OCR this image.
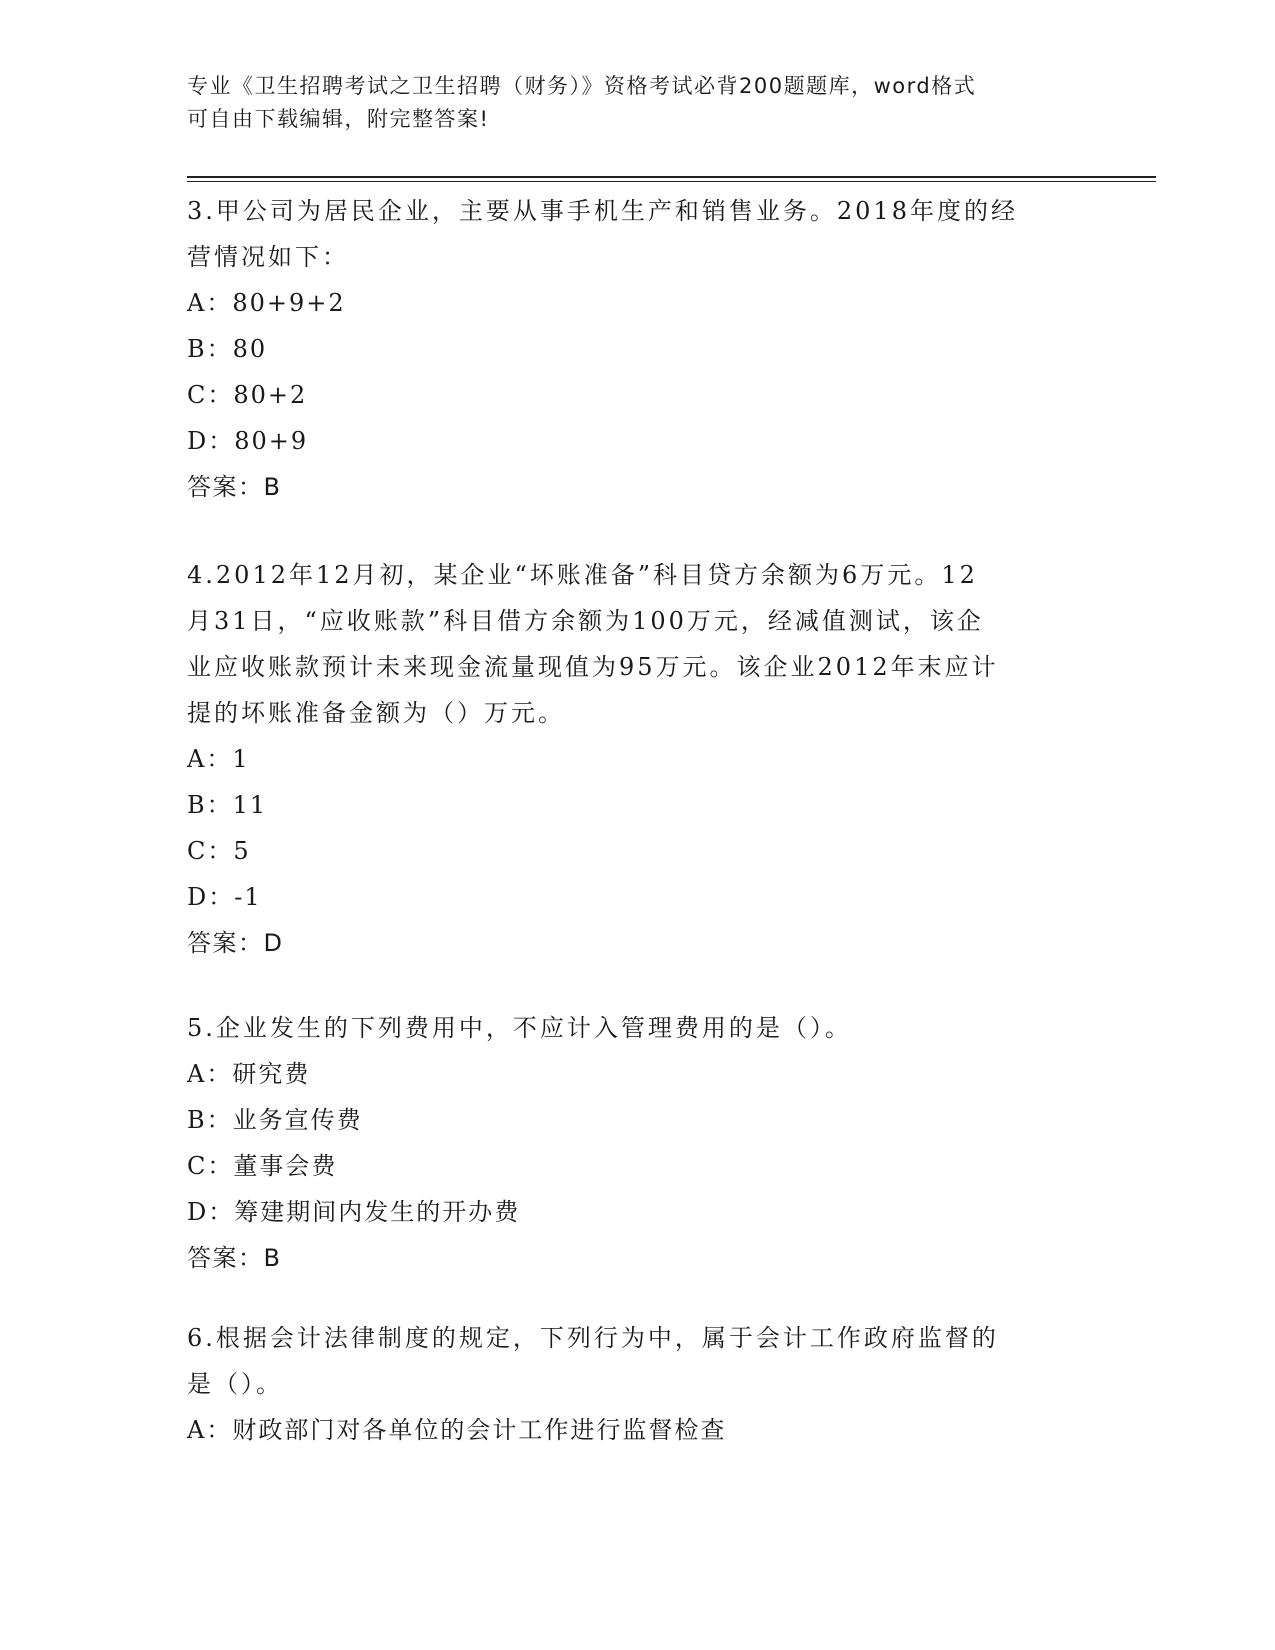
专业《卫生招聘考试之卫生招聘（财务）》资格考试必背200题题库，word格式
可自由下载编辑，附完整答案!

3.甲公司为居民企业，主要从事手机生产和销售业务。2018年度的经

营情况如下：

A：80+9+2

B：80

C：80+2

D：80+9

答案：B

4.2012年12月初，某企业“坏账准备”科目贷方余额为6万元。12

月31日，“应收账款”科目借方余额为100万元，经减值测试，该企

业应收账款预计未来现金流量现值为95万元。该企业2012年末应计

提的坏账准备金额为（）万元。

A：1

B：11

C：5

D：-1

答案：D

5.企业发生的下列费用中，不应计入管理费用的是（）。

A：研究费

B：业务宣传费

C：董事会费

D：筹建期间内发生的开办费

答案：B

6.根据会计法律制度的规定，下列行为中，属于会计工作政府监督的

是（）。

A：财政部门对各单位的会计工作进行监督检查
